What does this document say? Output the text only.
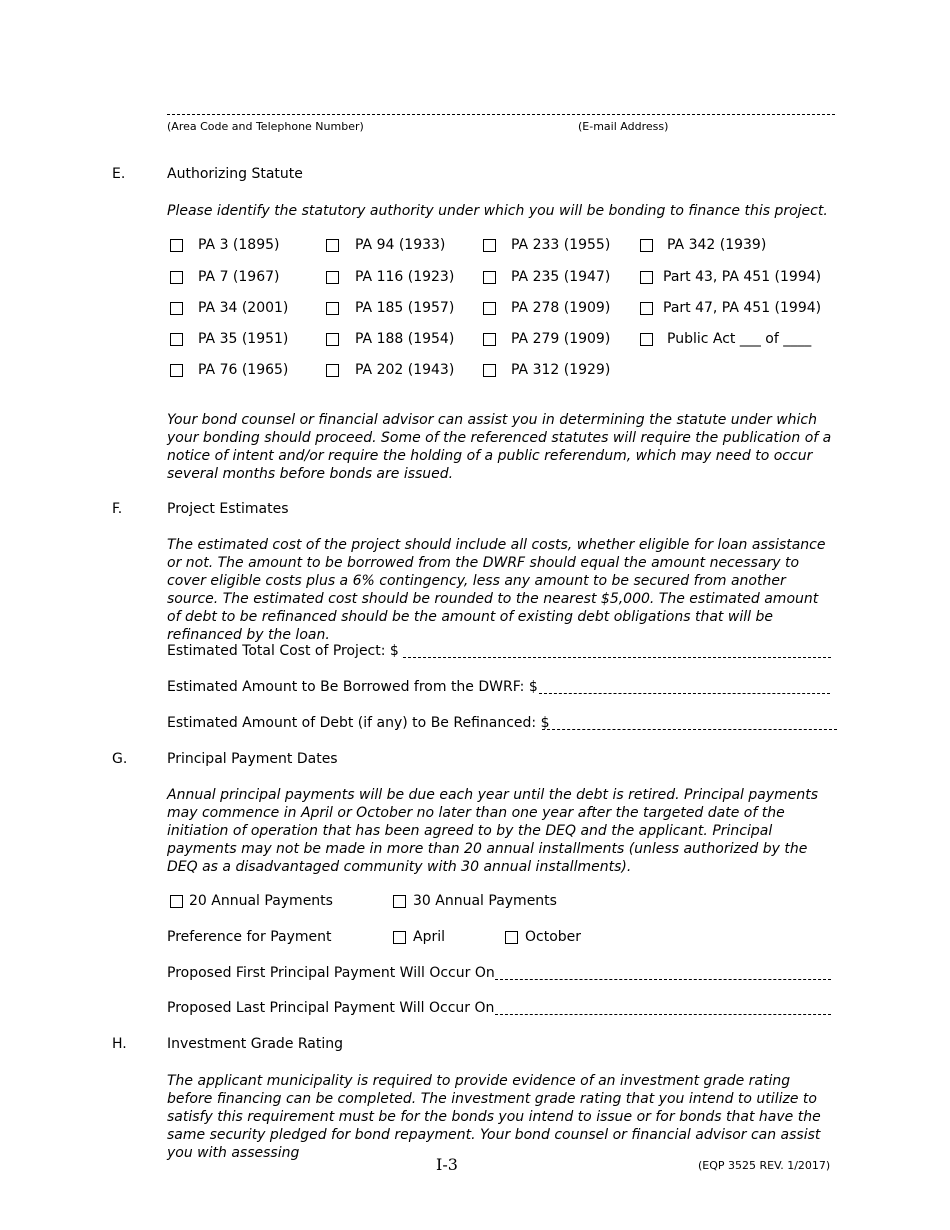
(Area Code and Telephone Number)	(E-mail Address)
E.	Authorizing Statute
Please identify the statutory authority under which you will be bonding to finance this project.
PA 3 (1895)	PA 94 (1933)	PA 233 (1955)	PA 342 (1939)
PA 7 (1967)	PA 116 (1923)	PA 235 (1947)	Part 43, PA 451 (1994)
PA 34 (2001)	PA 185 (1957)	PA 278 (1909)	Part 47, PA 451 (1994)
PA 35 (1951)	PA 188 (1954)	PA 279 (1909)	Public Act ___ of ____
PA 76 (1965)	PA 202 (1943)	PA 312 (1929)
Your bond counsel or financial advisor can assist you in determining the statute under which your bonding should proceed. Some of the referenced statutes will require the publication of a notice of intent and/or require the holding of a public referendum, which may need to occur several months before bonds are issued.
F.	Project Estimates
The estimated cost of the project should include all costs, whether eligible for loan assistance or not. The amount to be borrowed from the DWRF should equal the amount necessary to cover eligible costs plus a 6% contingency, less any amount to be secured from another source. The estimated cost should be rounded to the nearest $5,000. The estimated amount of debt to be refinanced should be the amount of existing debt obligations that will be refinanced by the loan.
Estimated Total Cost of Project: $
Estimated Amount to Be Borrowed from the DWRF: $
Estimated Amount of Debt (if any) to Be Refinanced: $
G.	Principal Payment Dates
Annual principal payments will be due each year until the debt is retired. Principal payments may commence in April or October no later than one year after the targeted date of the initiation of operation that has been agreed to by the DEQ and the applicant. Principal payments may not be made in more than 20 annual installments (unless authorized by the DEQ as a disadvantaged community with 30 annual installments).
20 Annual Payments	30 Annual Payments
Preference for Payment	April	October
Proposed First Principal Payment Will Occur On
Proposed Last Principal Payment Will Occur On
H.	Investment Grade Rating
The applicant municipality is required to provide evidence of an investment grade rating before financing can be completed. The investment grade rating that you intend to utilize to satisfy this requirement must be for the bonds you intend to issue or for bonds that have the same security pledged for bond repayment. Your bond counsel or financial advisor can assist you with assessing
I-3	(EQP 3525 REV. 1/2017)
